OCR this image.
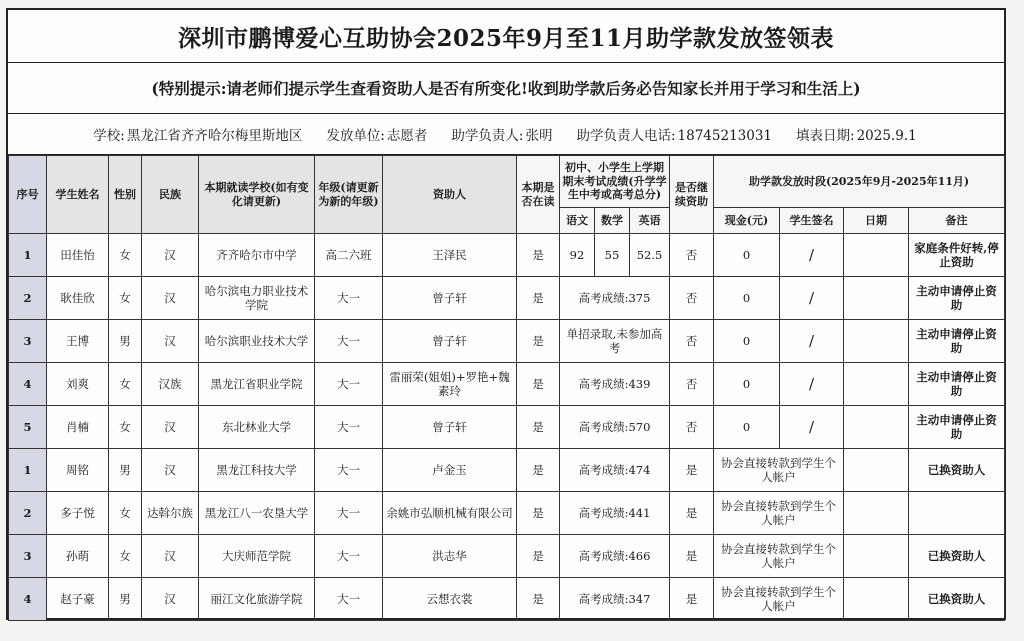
深圳市鹏博爱心互助协会2025年9月至11月助学款发放签领表
(特别提示:请老师们提示学生查看资助人是否有所变化!收到助学款后务必告知家长并用于学习和生活上)
学校: 黑龙江省齐齐哈尔梅里斯地区 发放单位: 志愿者 助学负责人: 张明 助学负责人电话: 18745213031 填表日期: 2025.9.1
序号	学生姓名	性别	民族	本期就读学校(如有变化请更新)	年级(请更新为新的年级)	资助人	本期是否在读	初中、小学生上学期期末考试成绩(升学学生中考或高考总分)			是否继续资助	助学款发放时段(2025年9月-2025年11月)			
								语文	数学	英语		现金(元)	学生签名	日期	备注
1	田佳怡	女	汉	齐齐哈尔市中学	高二六班	王泽民	是	92	55	52.5	否	0	/		家庭条件好转,停止资助
2	耿佳欣	女	汉	哈尔滨电力职业技术学院	大一	曾子轩	是	高考成绩:375			否	0	/		主动申请停止资助
3	王博	男	汉	哈尔滨职业技术大学	大一	曾子轩	是	单招录取,未参加高考			否	0	/		主动申请停止资助
4	刘爽	女	汉族	黑龙江省职业学院	大一	雷丽荣(姐姐)+罗艳+魏素玲	是	高考成绩:439			否	0	/		主动申请停止资助
5	肖楠	女	汉	东北林业大学	大一	曾子轩	是	高考成绩:570			否	0	/		主动申请停止资助
1	周铭	男	汉	黑龙江科技大学	大一	卢金玉	是	高考成绩:474			是	协会直接转款到学生个人帐户			已换资助人
2	多子悦	女	达斡尔族	黑龙江八一农垦大学	大一	余姚市弘顺机械有限公司	是	高考成绩:441			是	协会直接转款到学生个人帐户			
3	孙萌	女	汉	大庆师范学院	大一	洪志华	是	高考成绩:466			是	协会直接转款到学生个人帐户			已换资助人
4	赵子豪	男	汉	丽江文化旅游学院	大一	云想衣裳	是	高考成绩:347			是	协会直接转款到学生个人帐户			已换资助人
